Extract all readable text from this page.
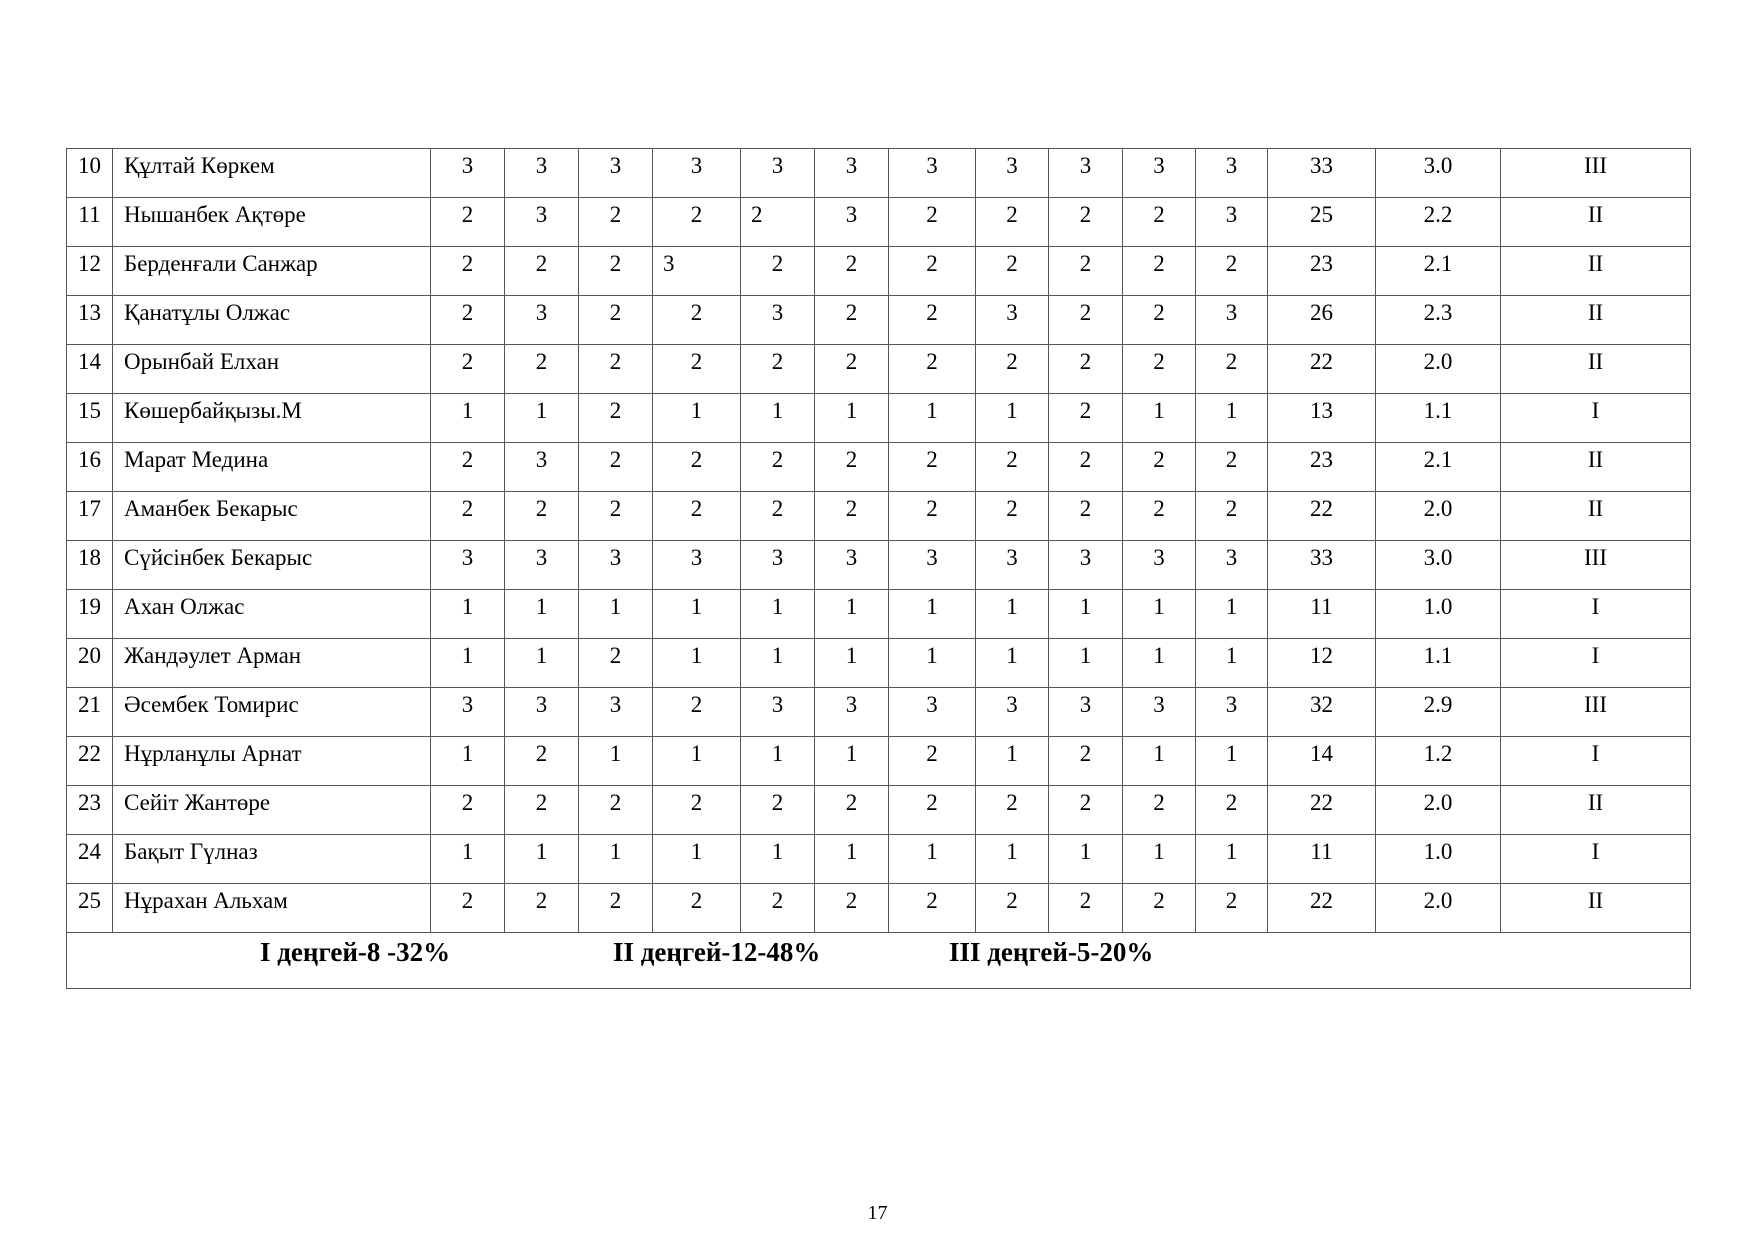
10	Құлтай Көркем	3	3	3	3	3	3	3	3	3	3	3	33	3.0	III
11	Нышанбек Ақтөре	2	3	2	2	2	3	2	2	2	2	3	25	2.2	II
12	Берденғали Санжар	2	2	2	3	2	2	2	2	2	2	2	23	2.1	II
13	Қанатұлы Олжас	2	3	2	2	3	2	2	3	2	2	3	26	2.3	II
14	Орынбай Елхан	2	2	2	2	2	2	2	2	2	2	2	22	2.0	II
15	Көшербайқызы.М	1	1	2	1	1	1	1	1	2	1	1	13	1.1	I
16	Марат Медина	2	3	2	2	2	2	2	2	2	2	2	23	2.1	II
17	Аманбек Бекарыс	2	2	2	2	2	2	2	2	2	2	2	22	2.0	II
18	Сүйсінбек Бекарыс	3	3	3	3	3	3	3	3	3	3	3	33	3.0	III
19	Ахан Олжас	1	1	1	1	1	1	1	1	1	1	1	11	1.0	I
20	Жандәулет Арман	1	1	2	1	1	1	1	1	1	1	1	12	1.1	I
21	Әсембек Томирис	3	3	3	2	3	3	3	3	3	3	3	32	2.9	III
22	Нұрланұлы Арнат	1	2	1	1	1	1	2	1	2	1	1	14	1.2	I
23	Сейіт Жантөре	2	2	2	2	2	2	2	2	2	2	2	22	2.0	II
24	Бақыт Гүлназ	1	1	1	1	1	1	1	1	1	1	1	11	1.0	I
25	Нұрахан Альхам	2	2	2	2	2	2	2	2	2	2	2	22	2.0	II

I деңгей-8 -32% II деңгей-12-48% III деңгей-5-20%															
17
